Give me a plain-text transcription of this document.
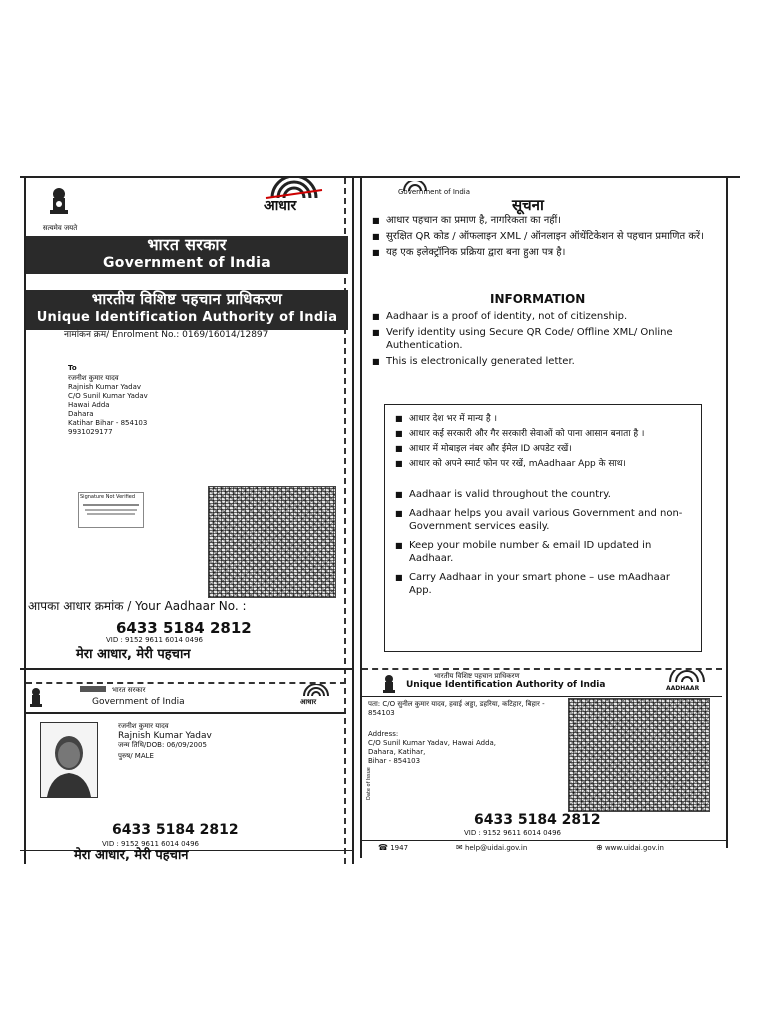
सत्यमेव जयते
आधार
भारत सरकार
Government of India
भारतीय विशिष्ट पहचान प्राधिकरण
Unique Identification Authority of India
नामांकन क्रम/ Enrolment No.: 0169/16014/12897
To
रजनीश कुमार यादव
Rajnish Kumar Yadav
C/O Sunil Kumar Yadav
Hawai Adda
Dahara
Katihar Bihar - 854103
9931029177
Signature Not Verified
आपका आधार क्रमांक / Your Aadhaar No. :
6433 5184 2812
VID : 9152 9611 6014 0496
मेरा आधार, मेरी पहचान
भारत सरकार
Government of India	आधार
रजनीश कुमार यादव
Rajnish Kumar Yadav
जन्म तिथि/DOB: 06/09/2005
पुरुष/ MALE
6433 5184 2812
VID : 9152 9611 6014 0496
मेरा आधार, मेरी पहचान
Government of India
सूचना
■ आधार पहचान का प्रमाण है, नागरिकता का नहीं।
■ सुरक्षित QR कोड / ऑफलाइन XML / ऑनलाइन ऑथेंटिकेशन से पहचान प्रमाणित करें।
■ यह एक इलेक्ट्रॉनिक प्रक्रिया द्वारा बना हुआ पत्र है।
INFORMATION
■ Aadhaar is a proof of identity, not of citizenship.
■ Verify identity using Secure QR Code/ Offline XML/ Online Authentication.
■ This is electronically generated letter.
■ आधार देश भर में मान्य है ।
■ आधार कई सरकारी और गैर सरकारी सेवाओं को पाना आसान बनाता है ।
■ आधार में मोबाइल नंबर और ईमेल ID अपडेट रखें।
■ आधार को अपने स्मार्ट फोन पर रखें, mAadhaar App के साथ।
■ Aadhaar is valid throughout the country.
■ Aadhaar helps you avail various Government and non-Government services easily.
■ Keep your mobile number & email ID updated in Aadhaar.
■ Carry Aadhaar in your smart phone – use mAadhaar App.
भारतीय विशिष्ट पहचान प्राधिकरण
Unique Identification Authority of India	AADHAAR
पता: C/O सुनील कुमार यादव, हवाई अड्डा, डहरिया, कटिहार, बिहार - 854103
Address:
C/O Sunil Kumar Yadav, Hawai Adda,
Dahara, Katihar,
Bihar - 854103
Date of Issue
6433 5184 2812
VID : 9152 9611 6014 0496
☎ 1947	✉ help@uidai.gov.in	⊕ www.uidai.gov.in
